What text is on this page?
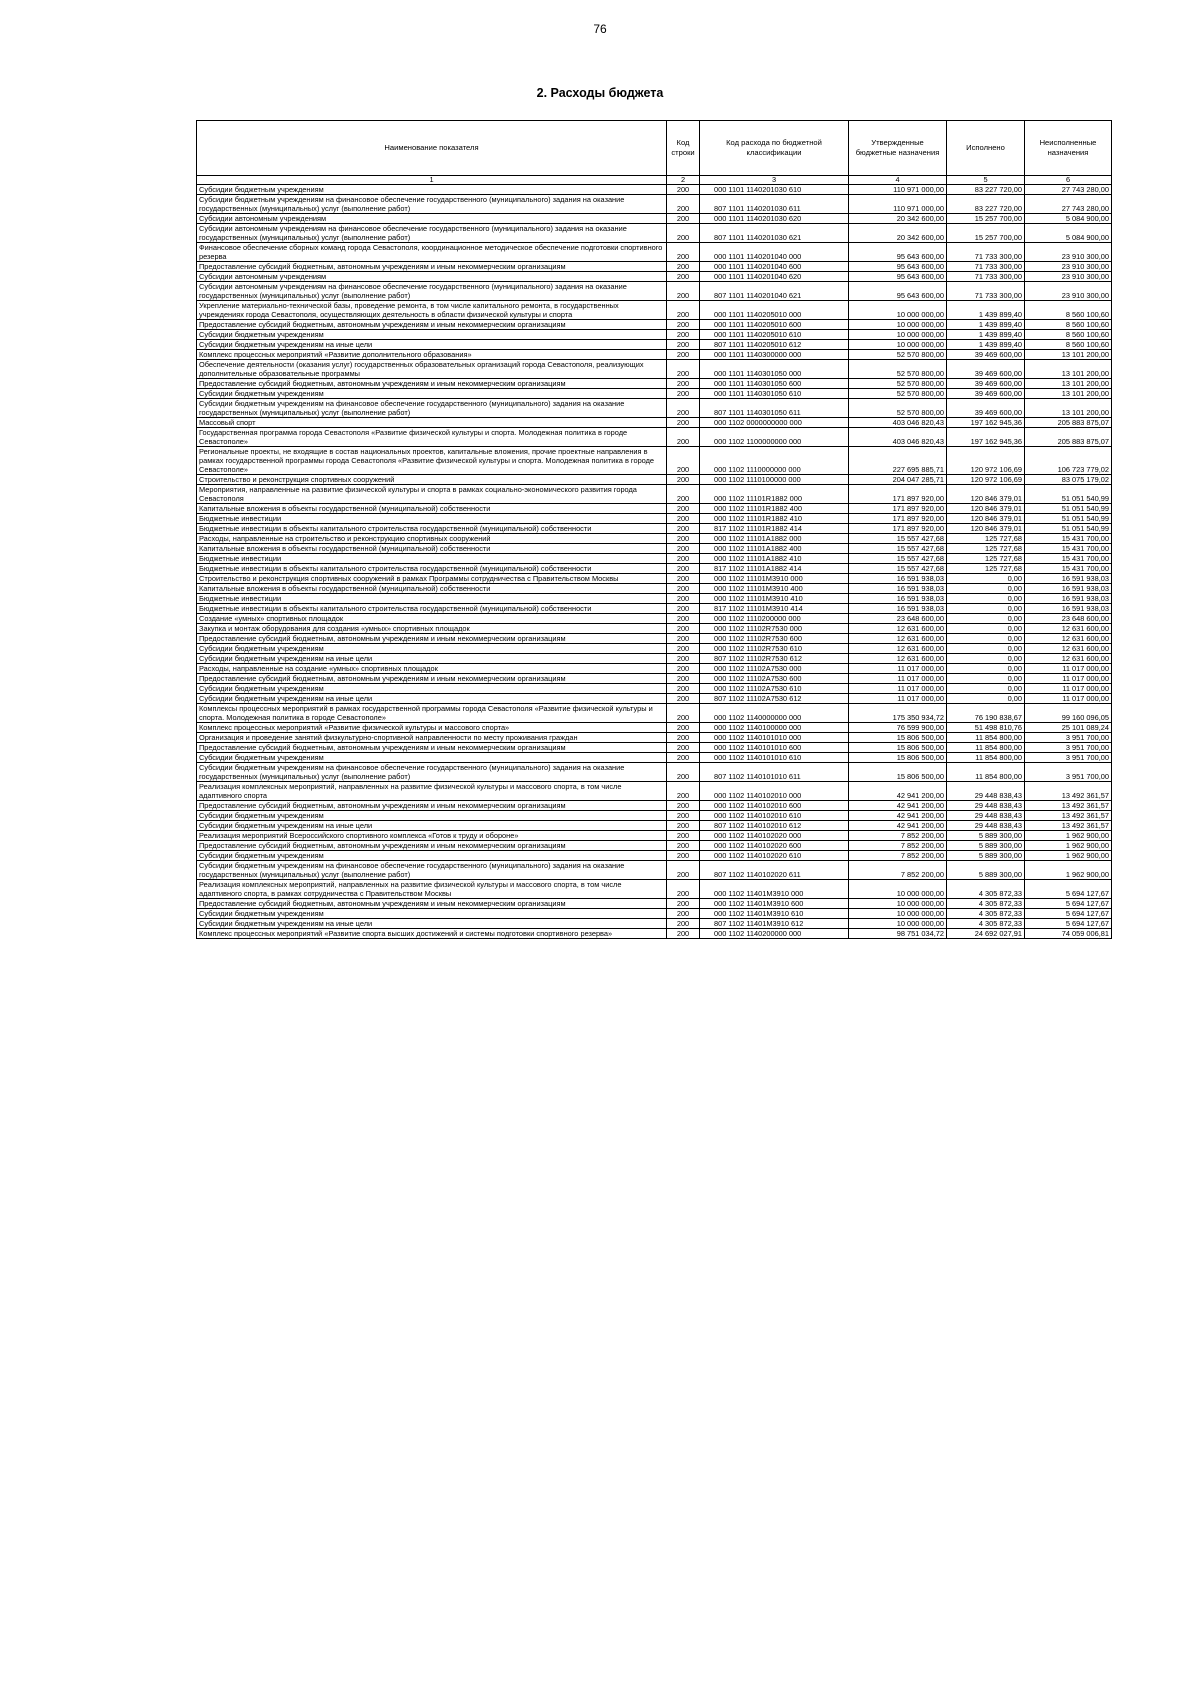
76
2. Расходы бюджета
Наименование показателя	Код строки	Код расхода по бюджетной классификации	Утвержденные бюджетные назначения	Исполнено	Неисполненные назначения
1	2	3	4	5	6
Субсидии бюджетным учреждениям	200	000 1101 1140201030 610	110 971 000,00	83 227 720,00	27 743 280,00
Субсидии бюджетным учреждениям на финансовое обеспечение государственного (муниципального) задания на оказание государственных (муниципальных) услуг (выполнение работ)	200	807 1101 1140201030 611	110 971 000,00	83 227 720,00	27 743 280,00
Субсидии автономным учреждениям	200	000 1101 1140201030 620	20 342 600,00	15 257 700,00	5 084 900,00
Субсидии автономным учреждениям на финансовое обеспечение государственного (муниципального) задания на оказание государственных (муниципальных) услуг (выполнение работ)	200	807 1101 1140201030 621	20 342 600,00	15 257 700,00	5 084 900,00
Финансовое обеспечение сборных команд города Севастополя, координационное методическое обеспечение подготовки спортивного резерва	200	000 1101 1140201040 000	95 643 600,00	71 733 300,00	23 910 300,00
Предоставление субсидий бюджетным, автономным учреждениям и иным некоммерческим организациям	200	000 1101 1140201040 600	95 643 600,00	71 733 300,00	23 910 300,00
Субсидии автономным учреждениям	200	000 1101 1140201040 620	95 643 600,00	71 733 300,00	23 910 300,00
Субсидии автономным учреждениям на финансовое обеспечение государственного (муниципального) задания на оказание государственных (муниципальных) услуг (выполнение работ)	200	807 1101 1140201040 621	95 643 600,00	71 733 300,00	23 910 300,00
Укрепление материально-технической базы, проведение ремонта, в том числе капитального ремонта, в государственных учреждениях города Севастополя, осуществляющих деятельность в области физической культуры и спорта	200	000 1101 1140205010 000	10 000 000,00	1 439 899,40	8 560 100,60
Предоставление субсидий бюджетным, автономным учреждениям и иным некоммерческим организациям	200	000 1101 1140205010 600	10 000 000,00	1 439 899,40	8 560 100,60
Субсидии бюджетным учреждениям	200	000 1101 1140205010 610	10 000 000,00	1 439 899,40	8 560 100,60
Субсидии бюджетным учреждениям на иные цели	200	807 1101 1140205010 612	10 000 000,00	1 439 899,40	8 560 100,60
Комплекс процессных мероприятий «Развитие дополнительного образования»	200	000 1101 1140300000 000	52 570 800,00	39 469 600,00	13 101 200,00
Обеспечение деятельности (оказания услуг) государственных образовательных организаций города Севастополя, реализующих дополнительные образовательные программы	200	000 1101 1140301050 000	52 570 800,00	39 469 600,00	13 101 200,00
Предоставление субсидий бюджетным, автономным учреждениям и иным некоммерческим организациям	200	000 1101 1140301050 600	52 570 800,00	39 469 600,00	13 101 200,00
Субсидии бюджетным учреждениям	200	000 1101 1140301050 610	52 570 800,00	39 469 600,00	13 101 200,00
Субсидии бюджетным учреждениям на финансовое обеспечение государственного (муниципального) задания на оказание государственных (муниципальных) услуг (выполнение работ)	200	807 1101 1140301050 611	52 570 800,00	39 469 600,00	13 101 200,00
Массовый спорт	200	000 1102 0000000000 000	403 046 820,43	197 162 945,36	205 883 875,07
Государственная программа города Севастополя «Развитие физической культуры и спорта. Молодежная политика в городе Севастополе»	200	000 1102 1100000000 000	403 046 820,43	197 162 945,36	205 883 875,07
Региональные проекты, не входящие в состав национальных проектов, капитальные вложения, прочие проектные направления в рамках государственной программы города Севастополя «Развитие физической культуры и спорта. Молодежная политика в городе Севастополе»	200	000 1102 1110000000 000	227 695 885,71	120 972 106,69	106 723 779,02
Строительство и реконструкция спортивных сооружений	200	000 1102 1110100000 000	204 047 285,71	120 972 106,69	83 075 179,02
Мероприятия, направленные на развитие физической культуры и спорта в рамках социально-экономического развития города Севастополя	200	000 1102 11101R1882 000	171 897 920,00	120 846 379,01	51 051 540,99
Капитальные вложения в объекты государственной (муниципальной) собственности	200	000 1102 11101R1882 400	171 897 920,00	120 846 379,01	51 051 540,99
Бюджетные инвестиции	200	000 1102 11101R1882 410	171 897 920,00	120 846 379,01	51 051 540,99
Бюджетные инвестиции в объекты капитального строительства государственной (муниципальной) собственности	200	817 1102 11101R1882 414	171 897 920,00	120 846 379,01	51 051 540,99
Расходы, направленные на строительство и реконструкцию спортивных сооружений	200	000 1102 11101A1882 000	15 557 427,68	125 727,68	15 431 700,00
Капитальные вложения в объекты государственной (муниципальной) собственности	200	000 1102 11101A1882 400	15 557 427,68	125 727,68	15 431 700,00
Бюджетные инвестиции	200	000 1102 11101A1882 410	15 557 427,68	125 727,68	15 431 700,00
Бюджетные инвестиции в объекты капитального строительства государственной (муниципальной) собственности	200	817 1102 11101A1882 414	15 557 427,68	125 727,68	15 431 700,00
Строительство и реконструкция спортивных сооружений в рамках Программы сотрудничества с Правительством Москвы	200	000 1102 11101M3910 000	16 591 938,03	0,00	16 591 938,03
Капитальные вложения в объекты государственной (муниципальной) собственности	200	000 1102 11101M3910 400	16 591 938,03	0,00	16 591 938,03
Бюджетные инвестиции	200	000 1102 11101M3910 410	16 591 938,03	0,00	16 591 938,03
Бюджетные инвестиции в объекты капитального строительства государственной (муниципальной) собственности	200	817 1102 11101M3910 414	16 591 938,03	0,00	16 591 938,03
Создание «умных» спортивных площадок	200	000 1102 1110200000 000	23 648 600,00	0,00	23 648 600,00
Закупка и монтаж оборудования для создания «умных» спортивных площадок	200	000 1102 11102R7530 000	12 631 600,00	0,00	12 631 600,00
Предоставление субсидий бюджетным, автономным учреждениям и иным некоммерческим организациям	200	000 1102 11102R7530 600	12 631 600,00	0,00	12 631 600,00
Субсидии бюджетным учреждениям	200	000 1102 11102R7530 610	12 631 600,00	0,00	12 631 600,00
Субсидии бюджетным учреждениям на иные цели	200	807 1102 11102R7530 612	12 631 600,00	0,00	12 631 600,00
Расходы, направленные на создание «умных» спортивных площадок	200	000 1102 11102A7530 000	11 017 000,00	0,00	11 017 000,00
Предоставление субсидий бюджетным, автономным учреждениям и иным некоммерческим организациям	200	000 1102 11102A7530 600	11 017 000,00	0,00	11 017 000,00
Субсидии бюджетным учреждениям	200	000 1102 11102A7530 610	11 017 000,00	0,00	11 017 000,00
Субсидии бюджетным учреждениям на иные цели	200	807 1102 11102A7530 612	11 017 000,00	0,00	11 017 000,00
Комплексы процессных мероприятий в рамках государственной программы города Севастополя «Развитие физической культуры и спорта. Молодежная политика в городе Севастополе»	200	000 1102 1140000000 000	175 350 934,72	76 190 838,67	99 160 096,05
Комплекс процессных мероприятий «Развитие физической культуры и массового спорта»	200	000 1102 1140100000 000	76 599 900,00	51 498 810,76	25 101 089,24
Организация и проведение занятий физкультурно-спортивной направленности по месту проживания граждан	200	000 1102 1140101010 000	15 806 500,00	11 854 800,00	3 951 700,00
Предоставление субсидий бюджетным, автономным учреждениям и иным некоммерческим организациям	200	000 1102 1140101010 600	15 806 500,00	11 854 800,00	3 951 700,00
Субсидии бюджетным учреждениям	200	000 1102 1140101010 610	15 806 500,00	11 854 800,00	3 951 700,00
Субсидии бюджетным учреждениям на финансовое обеспечение государственного (муниципального) задания на оказание государственных (муниципальных) услуг (выполнение работ)	200	807 1102 1140101010 611	15 806 500,00	11 854 800,00	3 951 700,00
Реализация комплексных мероприятий, направленных на развитие физической культуры и массового спорта, в том числе адаптивного спорта	200	000 1102 1140102010 000	42 941 200,00	29 448 838,43	13 492 361,57
Предоставление субсидий бюджетным, автономным учреждениям и иным некоммерческим организациям	200	000 1102 1140102010 600	42 941 200,00	29 448 838,43	13 492 361,57
Субсидии бюджетным учреждениям	200	000 1102 1140102010 610	42 941 200,00	29 448 838,43	13 492 361,57
Субсидии бюджетным учреждениям на иные цели	200	807 1102 1140102010 612	42 941 200,00	29 448 838,43	13 492 361,57
Реализация мероприятий Всероссийского спортивного комплекса «Готов к труду и обороне»	200	000 1102 1140102020 000	7 852 200,00	5 889 300,00	1 962 900,00
Предоставление субсидий бюджетным, автономным учреждениям и иным некоммерческим организациям	200	000 1102 1140102020 600	7 852 200,00	5 889 300,00	1 962 900,00
Субсидии бюджетным учреждениям	200	000 1102 1140102020 610	7 852 200,00	5 889 300,00	1 962 900,00
Субсидии бюджетным учреждениям на финансовое обеспечение государственного (муниципального) задания на оказание государственных (муниципальных) услуг (выполнение работ)	200	807 1102 1140102020 611	7 852 200,00	5 889 300,00	1 962 900,00
Реализация комплексных мероприятий, направленных на развитие физической культуры и массового спорта, в том числе адаптивного спорта, в рамках сотрудничества с Правительством Москвы	200	000 1102 11401M3910 000	10 000 000,00	4 305 872,33	5 694 127,67
Предоставление субсидий бюджетным, автономным учреждениям и иным некоммерческим организациям	200	000 1102 11401M3910 600	10 000 000,00	4 305 872,33	5 694 127,67
Субсидии бюджетным учреждениям	200	000 1102 11401M3910 610	10 000 000,00	4 305 872,33	5 694 127,67
Субсидии бюджетным учреждениям на иные цели	200	807 1102 11401M3910 612	10 000 000,00	4 305 872,33	5 694 127,67
Комплекс процессных мероприятий «Развитие спорта высших достижений и системы подготовки спортивного резерва»	200	000 1102 1140200000 000	98 751 034,72	24 692 027,91	74 059 006,81
